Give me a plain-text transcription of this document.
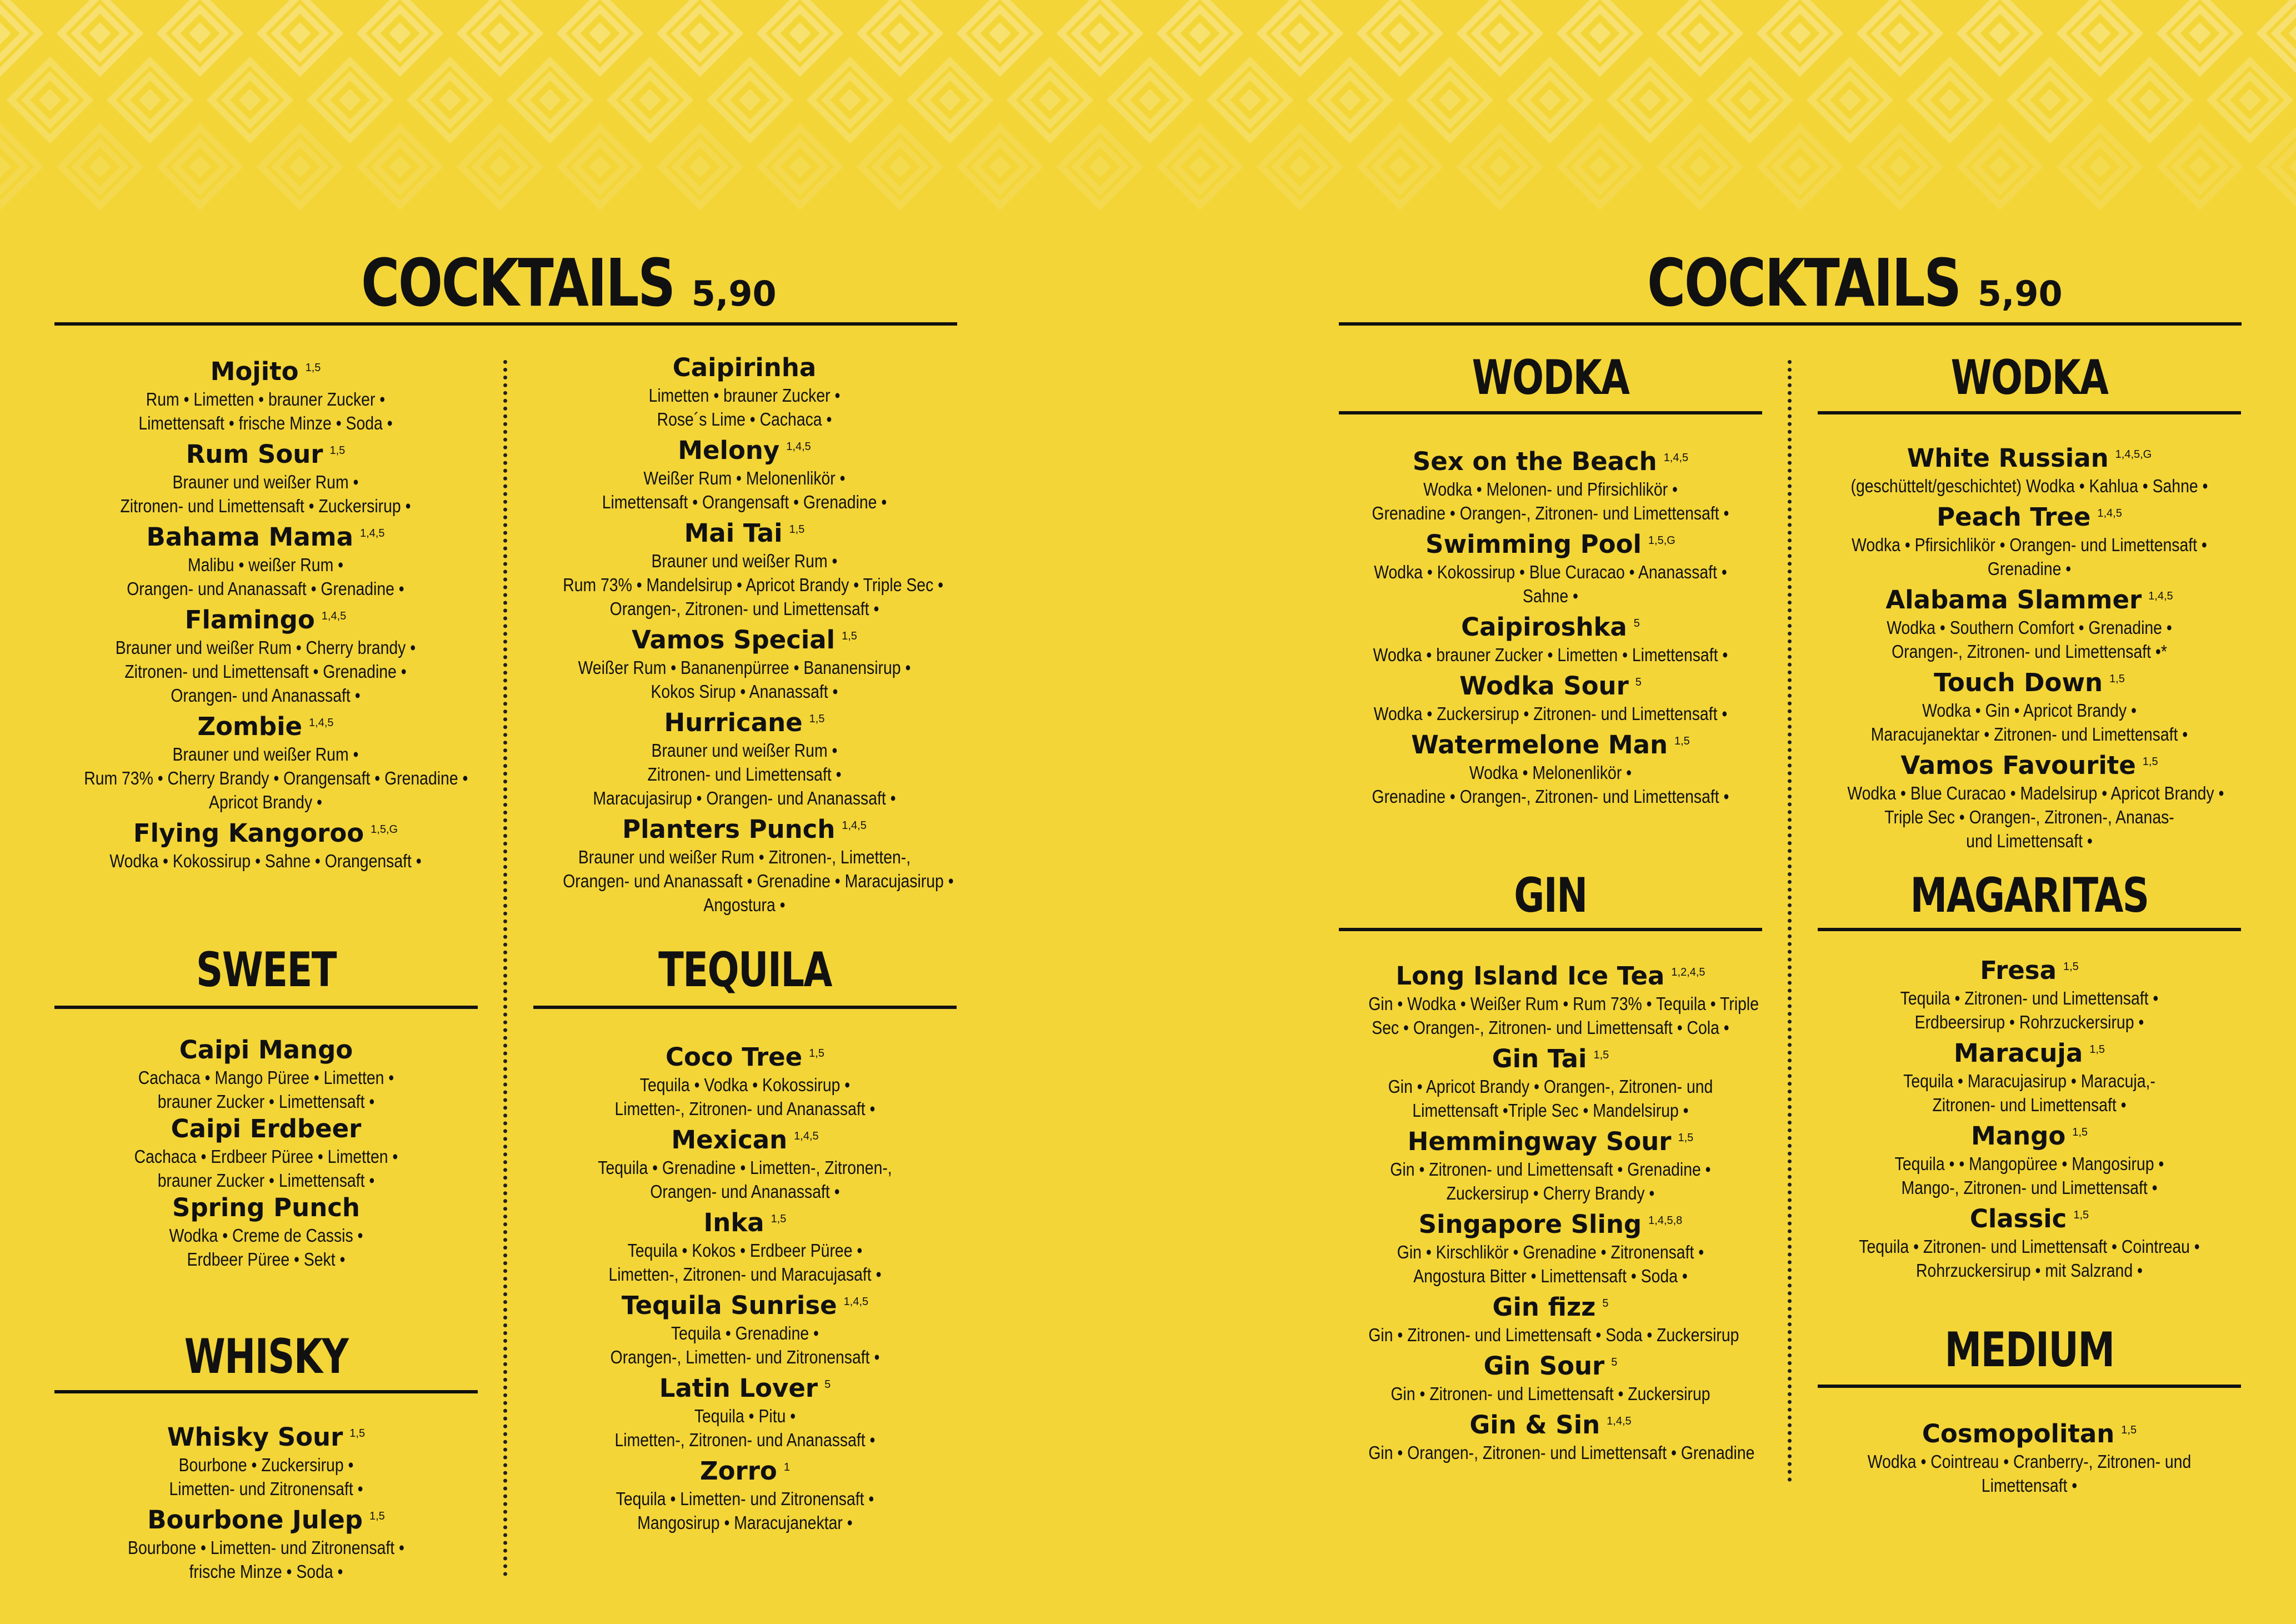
COCKTAILS 5,90
Mojito $^{1,5}$
Rum • Limetten • brauner Zucker •
Limettensaft • frische Minze • Soda •
Rum Sour $^{1,5}$
Brauner und weißer Rum •
Zitronen- und Limettensaft • Zuckersirup •
Bahama Mama $^{1,4,5}$
Malibu • weißer Rum •
Orangen- und Ananassaft • Grenadine •
Flamingo $^{1,4,5}$
Brauner und weißer Rum • Cherry brandy •
Zitronen- und Limettensaft • Grenadine •
Orangen- und Ananassaft •
Zombie $^{1,4,5}$
Brauner und weißer Rum •
Rum 73% • Cherry Brandy • Orangensaft • Grenadine •
Apricot Brandy •
Flying Kangoroo $^{1,5,G}$
Wodka • Kokossirup • Sahne • Orangensaft •
Caipirinha
Limetten • brauner Zucker •
Rose´s Lime • Cachaca •
Melony $^{1,4,5}$
Weißer Rum • Melonenlikör •
Limettensaft • Orangensaft • Grenadine •
Mai Tai $^{1,5}$
Brauner und weißer Rum •
Rum 73% • Mandelsirup • Apricot Brandy • Triple Sec •
Orangen-, Zitronen- und Limettensaft •
Vamos Special $^{1,5}$
Weißer Rum • Bananenpürree • Bananensirup •
Kokos Sirup • Ananassaft •
Hurricane $^{1,5}$
Brauner und weißer Rum •
Zitronen- und Limettensaft •
Maracujasirup • Orangen- und Ananassaft •
Planters Punch $^{1,4,5}$
Brauner und weißer Rum • Zitronen-, Limetten-,
Orangen- und Ananassaft • Grenadine • Maracujasirup •
Angostura •
SWEET
Caipi Mango
Cachaca • Mango Püree • Limetten •
brauner Zucker • Limettensaft •
Caipi Erdbeer
Cachaca • Erdbeer Püree • Limetten •
brauner Zucker • Limettensaft •
Spring Punch
Wodka • Creme de Cassis •
Erdbeer Püree • Sekt •
WHISKY
Whisky Sour $^{1,5}$
Bourbone • Zuckersirup •
Limetten- und Zitronensaft •
Bourbone Julep $^{1,5}$
Bourbone • Limetten- und Zitronensaft •
frische Minze • Soda •
TEQUILA
Coco Tree $^{1,5}$
Tequila • Vodka • Kokossirup •
Limetten-, Zitronen- und Ananassaft •
Mexican $^{1,4,5}$
Tequila • Grenadine • Limetten-, Zitronen-,
Orangen- und Ananassaft •
Inka $^{1,5}$
Tequila • Kokos • Erdbeer Püree •
Limetten-, Zitronen- und Maracujasaft •
Tequila Sunrise $^{1,4,5}$
Tequila • Grenadine •
Orangen-, Limetten- und Zitronensaft •
Latin Lover $^5$
Tequila • Pitu •
Limetten-, Zitronen- und Ananassaft •
Zorro $^1$
Tequila • Limetten- und Zitronensaft •
Mangosirup • Maracujanektar •
COCKTAILS 5,90
WODKA
Sex on the Beach $^{1,4,5}$
Wodka • Melonen- und Pfirsichlikör •
Grenadine • Orangen-, Zitronen- und Limettensaft •
Swimming Pool $^{1,5,G}$
Wodka • Kokossirup • Blue Curacao • Ananassaft •
Sahne •
Caipiroshka $^5$
Wodka • brauner Zucker • Limetten • Limettensaft •
Wodka Sour $^5$
Wodka • Zuckersirup • Zitronen- und Limettensaft •
Watermelone Man $^{1,5}$
Wodka • Melonenlikör •
Grenadine • Orangen-, Zitronen- und Limettensaft •
GIN
Long Island Ice Tea $^{1,2,4,5}$
Gin • Wodka • Weißer Rum • Rum 73% • Tequila • Triple
Sec • Orangen-, Zitronen- und Limettensaft • Cola •
Gin Tai $^{1,5}$
Gin • Apricot Brandy • Orangen-, Zitronen- und
Limettensaft •Triple Sec • Mandelsirup •
Hemmingway Sour $^{1,5}$
Gin • Zitronen- und Limettensaft • Grenadine •
Zuckersirup • Cherry Brandy •
Singapore Sling $^{1,4,5,8}$
Gin • Kirschlikör • Grenadine • Zitronensaft •
Angostura Bitter • Limettensaft • Soda •
Gin fizz $^5$
Gin • Zitronen- und Limettensaft • Soda • Zuckersirup
Gin Sour $^5$
Gin • Zitronen- und Limettensaft • Zuckersirup
Gin & Sin $^{1,4,5}$
Gin • Orangen-, Zitronen- und Limettensaft • Grenadine
WODKA
White Russian $^{1,4,5,G}$
(geschüttelt/geschichtet) Wodka • Kahlua • Sahne •
Peach Tree $^{1,4,5}$
Wodka • Pfirsichlikör • Orangen- und Limettensaft •
Grenadine •
Alabama Slammer $^{1,4,5}$
Wodka • Southern Comfort • Grenadine •
Orangen-, Zitronen- und Limettensaft •*
Touch Down $^{1,5}$
Wodka • Gin • Apricot Brandy •
Maracujanektar • Zitronen- und Limettensaft •
Vamos Favourite $^{1,5}$
Wodka • Blue Curacao • Madelsirup • Apricot Brandy •
Triple Sec • Orangen-, Zitronen-, Ananas-
und Limettensaft •
MAGARITAS
Fresa $^{1,5}$
Tequila • Zitronen- und Limettensaft •
Erdbeersirup • Rohrzuckersirup •
Maracuja $^{1,5}$
Tequila • Maracujasirup • Maracuja,-
Zitronen- und Limettensaft •
Mango $^{1,5}$
Tequila • • Mangopüree • Mangosirup •
Mango-, Zitronen- und Limettensaft •
Classic $^{1,5}$
Tequila • Zitronen- und Limettensaft • Cointreau •
Rohrzuckersirup • mit Salzrand •
MEDIUM
Cosmopolitan $^{1,5}$
Wodka • Cointreau • Cranberry-, Zitronen- und
Limettensaft •
